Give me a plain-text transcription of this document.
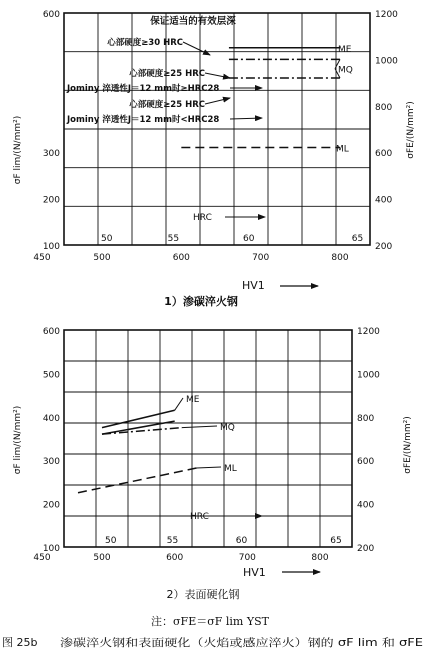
100
200
300
600
200
400
600
800
1000
1200
450	500	600	700	800
50	55	60	65
HRC
保证适当的有效层深
心部硬度≥30 HRC
心部硬度≥25 HRC
Jominy 淬透性J＝12 mm时≥HRC28
心部硬度≥25 HRC
Jominy 淬透性J＝12 mm时<HRC28
ME
MQ
ML
σF lim/(N/mm²)	σFE/(N/mm²)
HV1
1）渗碳淬火钢
100
200
300
400
500
600
200
400
600
800
1000
1200
450	500	600	700	800
50	55	60	65
HRC
ME
MQ
ML
σF lim/(N/mm²)	σFE/(N/mm²)
HV1
2）表面硬化钢
注：σFE＝σF lim YST
图 25b 渗碳淬火钢和表面硬化（火焰或感应淬火）钢的 σF lim 和 σFE
